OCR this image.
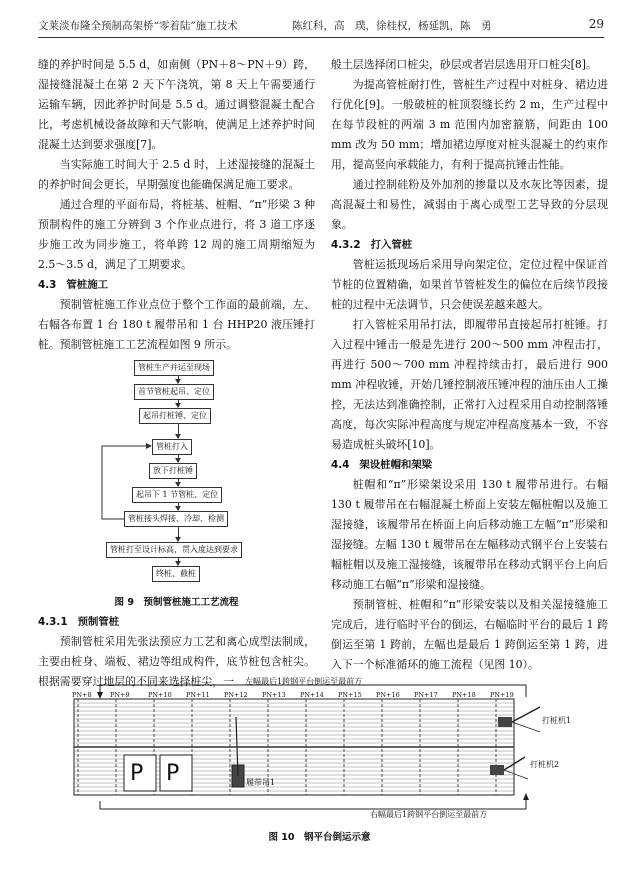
文莱淡布隆全预制高架桥“零着陆”施工技术	陈红科，高　璞，徐桂权，杨延凯，陈　勇	29

缝的养护时间是 5.5 d，如南侧（PN＋8～PN＋9）跨，湿接缝混凝土在第 2 天下午浇筑，第 8 天上午需要通行运输车辆，因此养护时间是 5.5 d。通过调整混凝土配合比，考虑机械设备故障和天气影响，使满足上述养护时间混凝土达到要求强度[7]。

当实际施工时间大于 2.5 d 时，上述湿接缝的混凝土的养护时间会更长，早期强度也能确保满足施工要求。

通过合理的平面布局，将桩基、桩帽、“π”形梁 3 种预制构件的施工分辨到 3 个作业点进行，将 3 道工序逐步施工改为同步施工，将单跨 12 周的施工周期缩短为 2.5～3.5 d，满足了工期要求。

4.3 管桩施工

预制管桩施工作业点位于整个工作面的最前端，左、右幅各布置 1 台 180 t 履带吊和 1 台 HHP20 液压锤打桩。预制管桩施工工艺流程如图 9 所示。

管桩生产并运至现场
首节管桩起吊、定位
起吊打桩锤、定位
管桩打入
放下打桩锤
起吊下 1 节管桩、定位
管桩接头焊接、冷却、检测
管桩打至设计标高，贯入度达到要求
终桩、截桩

图 9　预制管桩施工工艺流程

4.3.1 预制管桩

预制管桩采用先张法预应力工艺和离心成型法制成，主要由桩身、端板、裙边等组成构件，底节桩包含桩尖。根据需要穿过地层的不同来选择桩尖，一

般土层选择闭口桩尖，砂层或者岩层选用开口桩尖[8]。

为提高管桩耐打性，管桩生产过程中对桩身、裙边进行优化[9]。一般破桩的桩顶裂缝长约 2 m，生产过程中在每节段桩的两端 3 m 范围内加密箍筋，间距由 100 mm 改为 50 mm；增加裙边厚度对桩头混凝土的约束作用，提高竖向承载能力，有利于提高抗锤击性能。

通过控制硅粉及外加剂的掺量以及水灰比等因素，提高混凝土和易性，减弱由于离心成型工艺导致的分层现象。

4.3.2 打入管桩

管桩运抵现场后采用导向架定位，定位过程中保证首节桩的位置精确，如果首节管桩发生的偏位在后续节段接桩的过程中无法调节，只会使误差越来越大。

打入管桩采用吊打法，即履带吊直接起吊打桩锤。打入过程中锤击一般是先进行 200～500 mm 冲程击打，再进行 500～700 mm 冲程持续击打，最后进行 900 mm 冲程收锤，开始几锤控制液压锤冲程的油压由人工操控，无法达到准确控制，正常打入过程采用自动控制落锤高度，每次实际冲程高度与规定冲程高度基本一致，不容易造成桩头破坏[10]。

4.4 架设桩帽和架梁

桩帽和“π”形梁架设采用 130 t 履带吊进行。右幅 130 t 履带吊在右幅混凝土桥面上安装左幅桩帽以及施工湿接缝，该履带吊在桥面上向后移动施工左幅“π”形梁和湿接缝。左幅 130 t 履带吊在左幅移动式钢平台上安装右幅桩帽以及施工湿接缝，该履带吊在移动式钢平台上向后移动施工右幅“π”形梁和湿接缝。

预制管桩、桩帽和“π”形梁安装以及相关湿接缝施工完成后，进行临时平台的倒运，右幅临时平台的最后 1 跨倒运至第 1 跨前，左幅也是最后 1 跨倒运至第 1 跨，进入下一个标准循环的施工流程（见图 10）。

左幅最后1跨钢平台倒运至最前方
PN+8	PN+9	PN+10 PN+11 PN+12 PN+13 PN+14 PN+15 PN+16 PN+17 PN+18 PN+19
P P	履带吊1
打桩机1
打桩机2
右幅最后1跨钢平台倒运至最前方

图 10　钢平台倒运示意
